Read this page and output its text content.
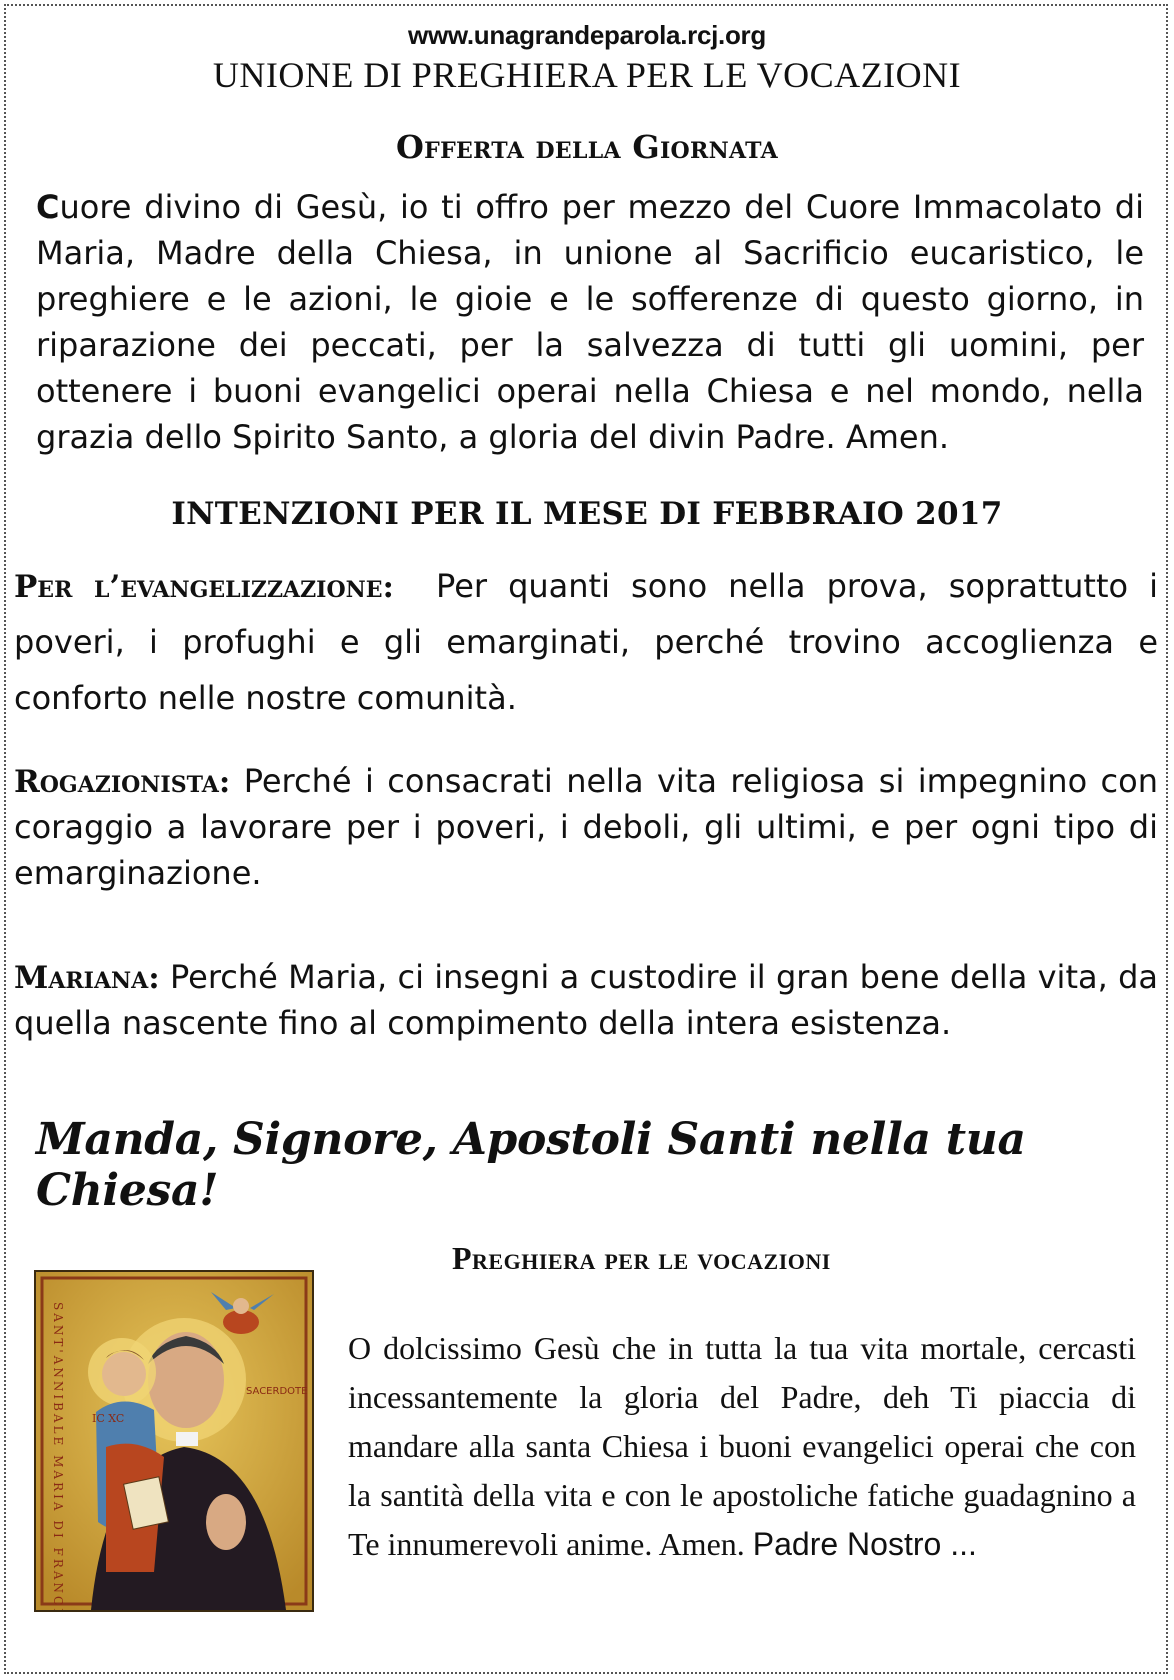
www.unagrandeparola.rcj.org
UNIONE DI PREGHIERA PER LE VOCAZIONI
Offerta della Giornata
Cuore divino di Gesù, io ti offro per mezzo del Cuore Immacolato di Maria, Madre della Chiesa, in unione al Sacrificio eucaristico, le preghiere e le azioni, le gioie e le sofferenze di questo giorno, in riparazione dei peccati, per la salvezza di tutti gli uomini, per ottenere i buoni evangelici operai nella Chiesa e nel mondo, nella grazia dello Spirito Santo, a gloria del divin Padre. Amen.
INTENZIONI PER IL MESE DI FEBBRAIO 2017
Per l’evangelizzazione: Per quanti sono nella prova, soprattutto i poveri, i profughi e gli emarginati, perché trovino accoglienza e conforto nelle nostre comunità.
Rogazionista: Perché i consacrati nella vita religiosa si impegnino con coraggio a lavorare per i poveri, i deboli, gli ultimi, e per ogni tipo di emarginazione.
Mariana: Perché Maria, ci insegni a custodire il gran bene della vita, da quella nascente fino al compimento della intera esistenza.
Manda, Signore, Apostoli Santi nella tua Chiesa!
SANT'ANNIBALE MARIA DI FRANCIA	SACERDOTE
IC XC
Preghiera per le vocazioni
O dolcissimo Gesù che in tutta la tua vita mortale, cercasti incessantemente la gloria del Padre, deh Ti piaccia di mandare alla santa Chiesa i buoni evangelici operai che con la santità della vita e con le apostoliche fatiche guadagnino a Te innumerevoli anime. Amen. Padre Nostro ...
